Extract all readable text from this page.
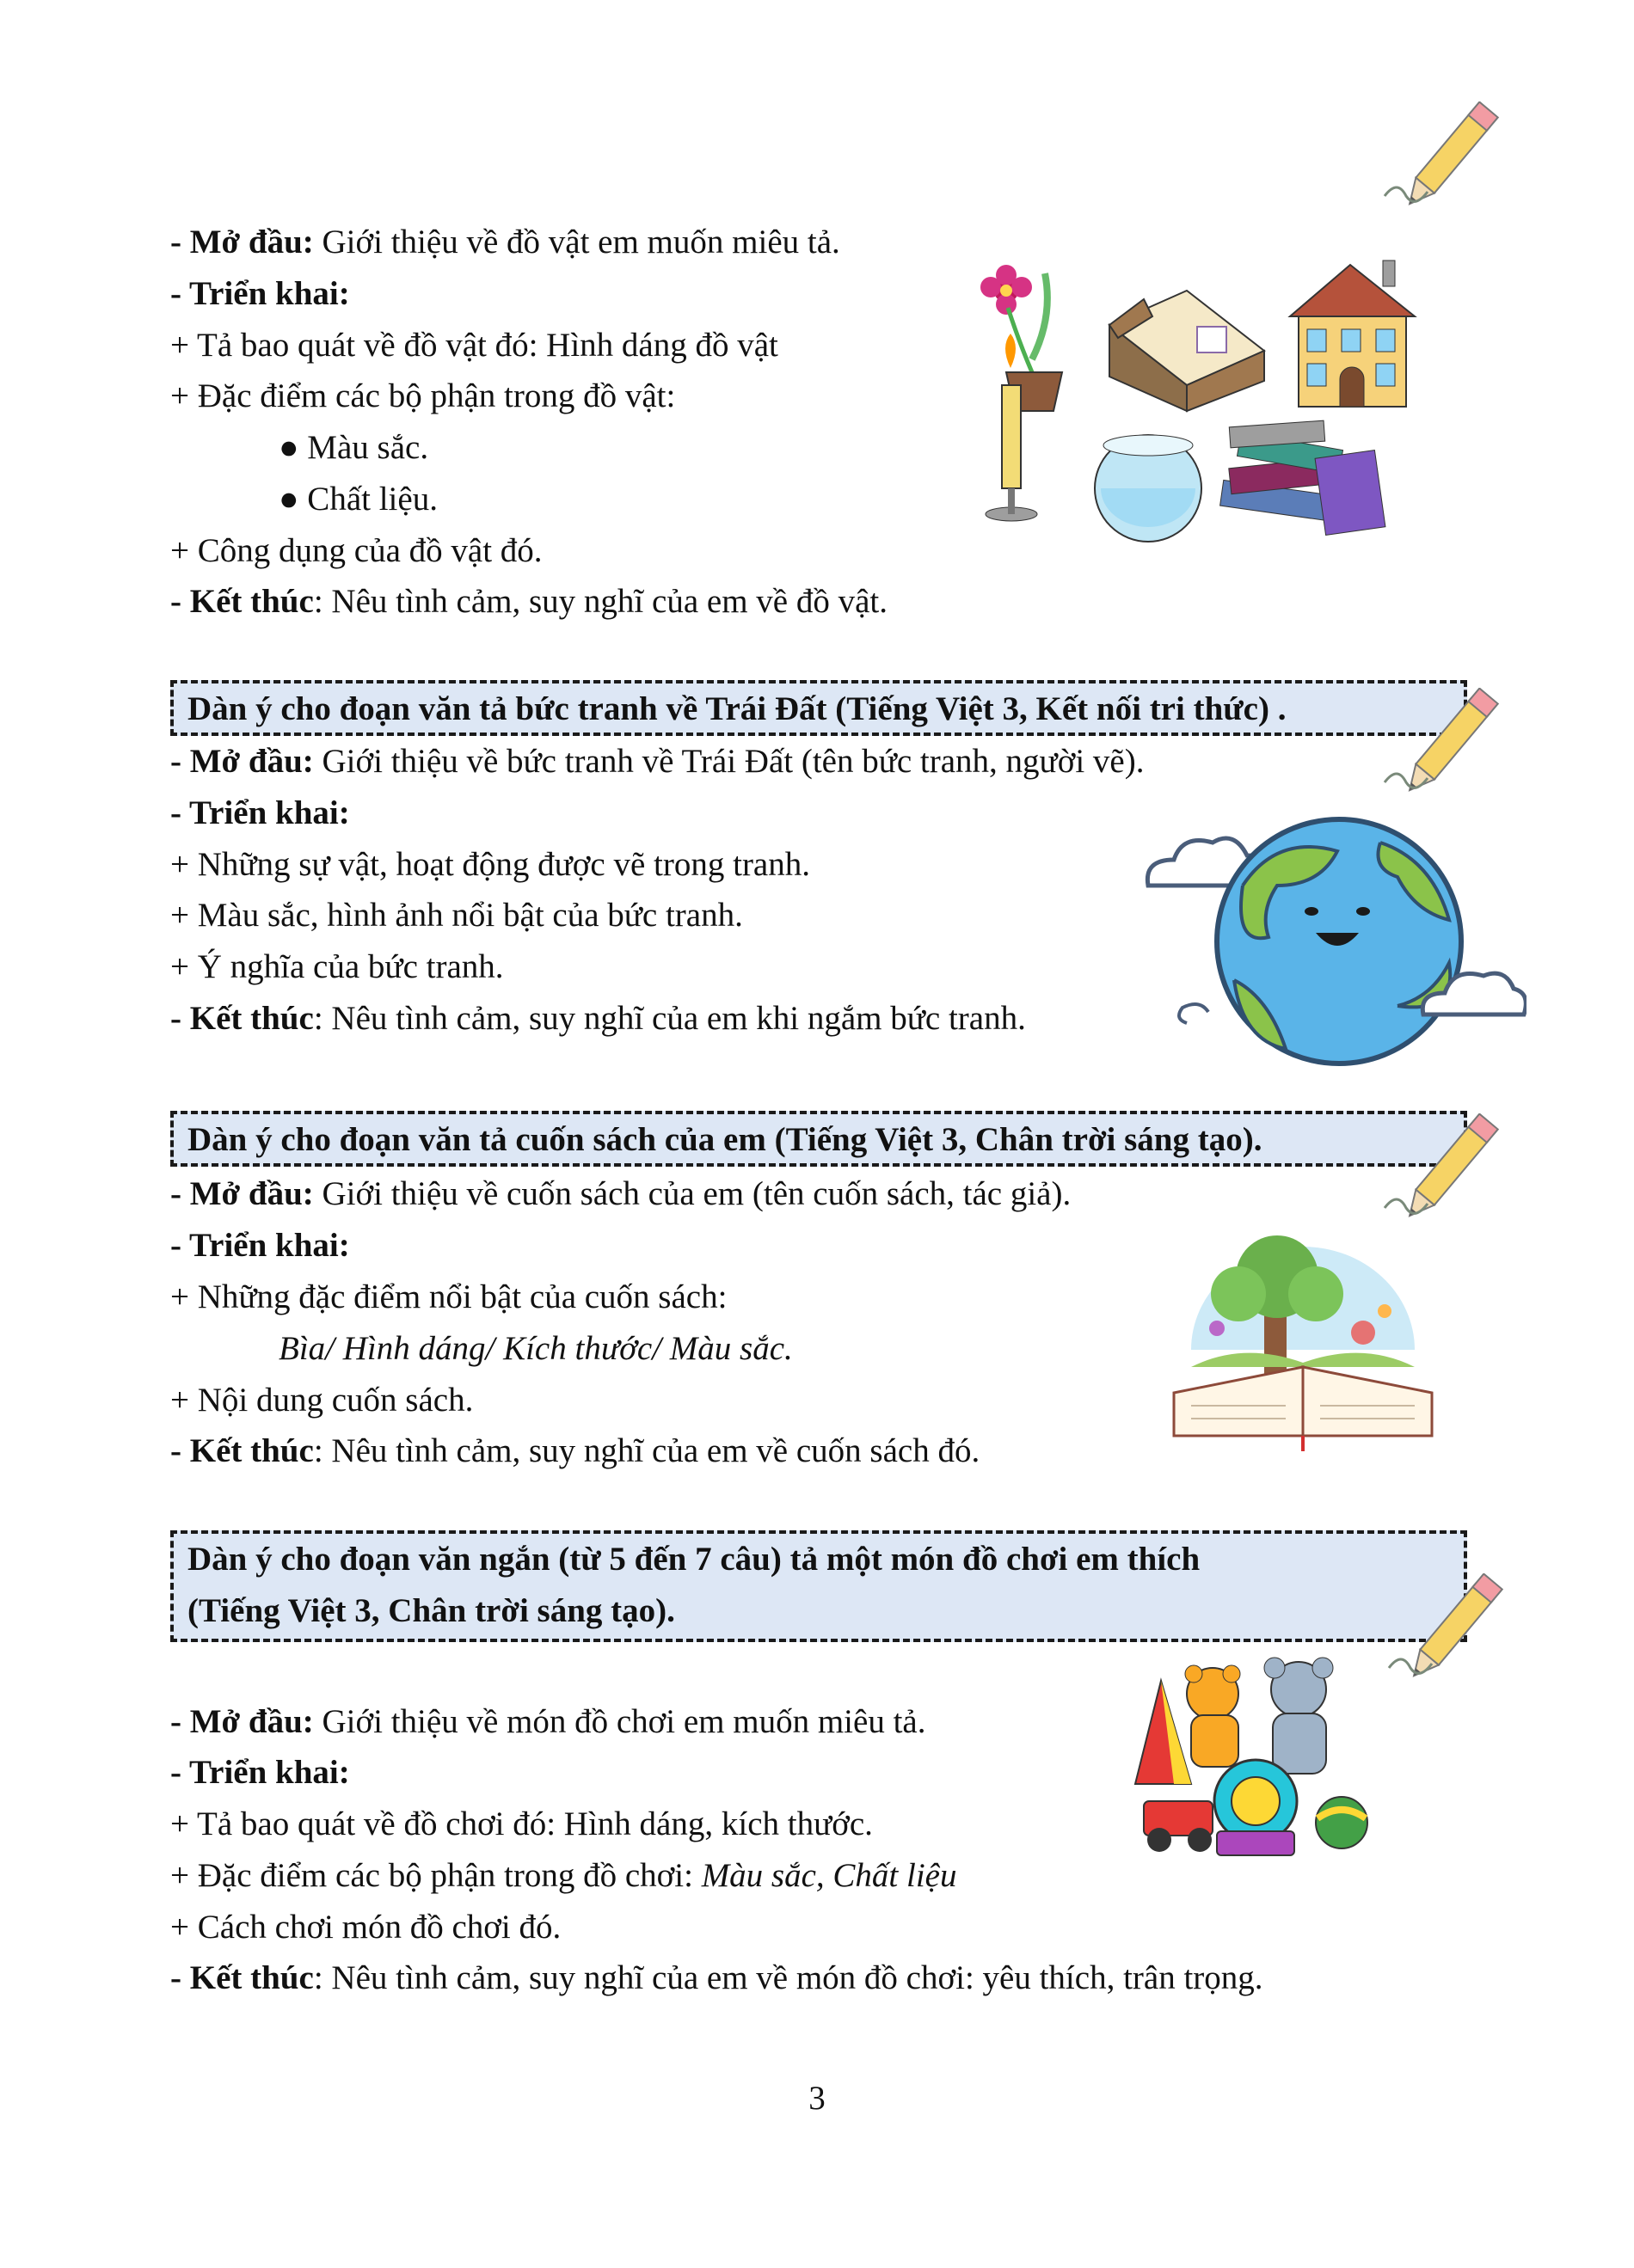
- Mở đầu: Giới thiệu về đồ vật em muốn miêu tả.
- Triển khai:
+ Tả bao quát về đồ vật đó: Hình dáng đồ vật
+ Đặc điểm các bộ phận trong đồ vật:
● Màu sắc.
● Chất liệu.
+ Công dụng của đồ vật đó.
- Kết thúc: Nêu tình cảm, suy nghĩ của em về đồ vật.
Dàn ý cho đoạn văn tả bức tranh về Trái Đất (Tiếng Việt 3, Kết nối tri thức) .
- Mở đầu: Giới thiệu về bức tranh về Trái Đất (tên bức tranh, người vẽ).
- Triển khai:
+ Những sự vật, hoạt động được vẽ trong tranh.
+ Màu sắc, hình ảnh nổi bật của bức tranh.
+ Ý nghĩa của bức tranh.
- Kết thúc: Nêu tình cảm, suy nghĩ của em khi ngắm bức tranh.
Dàn ý cho đoạn văn tả cuốn sách của em (Tiếng Việt 3, Chân trời sáng tạo).
- Mở đầu: Giới thiệu về cuốn sách của em (tên cuốn sách, tác giả).
- Triển khai:
+ Những đặc điểm nổi bật của cuốn sách:
Bìa/ Hình dáng/ Kích thước/ Màu sắc.
+ Nội dung cuốn sách.
- Kết thúc: Nêu tình cảm, suy nghĩ của em về cuốn sách đó.
Dàn ý cho đoạn văn ngắn (từ 5 đến 7 câu) tả một món đồ chơi em thích
(Tiếng Việt 3, Chân trời sáng tạo).
- Mở đầu: Giới thiệu về món đồ chơi em muốn miêu tả.
- Triển khai:
+ Tả bao quát về đồ chơi đó: Hình dáng, kích thước.
+ Đặc điểm các bộ phận trong đồ chơi: Màu sắc, Chất liệu
+ Cách chơi món đồ chơi đó.
- Kết thúc: Nêu tình cảm, suy nghĩ của em về món đồ chơi: yêu thích, trân trọng.
3
